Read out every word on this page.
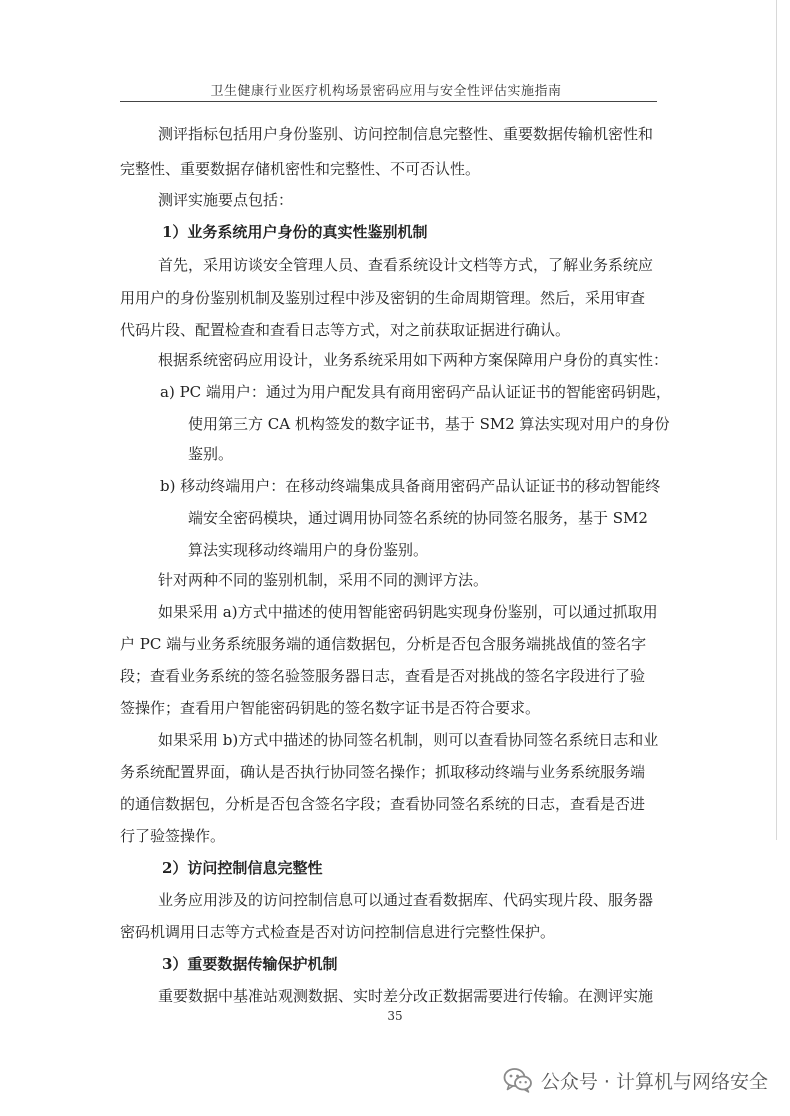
卫生健康行业医疗机构场景密码应用与安全性评估实施指南

测评指标包括用户身份鉴别、访问控制信息完整性、重要数据传输机密性和

完整性、重要数据存储机密性和完整性、不可否认性。

测评实施要点包括：

1）业务系统用户身份的真实性鉴别机制

首先，采用访谈安全管理人员、查看系统设计文档等方式，了解业务系统应

用用户的身份鉴别机制及鉴别过程中涉及密钥的生命周期管理。然后，采用审查

代码片段、配置检查和查看日志等方式，对之前获取证据进行确认。

根据系统密码应用设计，业务系统采用如下两种方案保障用户身份的真实性：

a) PC 端用户：通过为用户配发具有商用密码产品认证证书的智能密码钥匙，

使用第三方 CA 机构签发的数字证书，基于 SM2 算法实现对用户的身份

鉴别。

b) 移动终端用户：在移动终端集成具备商用密码产品认证证书的移动智能终

端安全密码模块，通过调用协同签名系统的协同签名服务，基于 SM2

算法实现移动终端用户的身份鉴别。

针对两种不同的鉴别机制，采用不同的测评方法。

如果采用 a)方式中描述的使用智能密码钥匙实现身份鉴别，可以通过抓取用

户 PC 端与业务系统服务端的通信数据包，分析是否包含服务端挑战值的签名字

段；查看业务系统的签名验签服务器日志，查看是否对挑战的签名字段进行了验

签操作；查看用户智能密码钥匙的签名数字证书是否符合要求。

如果采用 b)方式中描述的协同签名机制，则可以查看协同签名系统日志和业

务系统配置界面，确认是否执行协同签名操作；抓取移动终端与业务系统服务端

的通信数据包，分析是否包含签名字段；查看协同签名系统的日志，查看是否进

行了验签操作。

2）访问控制信息完整性

业务应用涉及的访问控制信息可以通过查看数据库、代码实现片段、服务器

密码机调用日志等方式检查是否对访问控制信息进行完整性保护。

3）重要数据传输保护机制

重要数据中基准站观测数据、实时差分改正数据需要进行传输。在测评实施

35
公众号 · 计算机与网络安全
